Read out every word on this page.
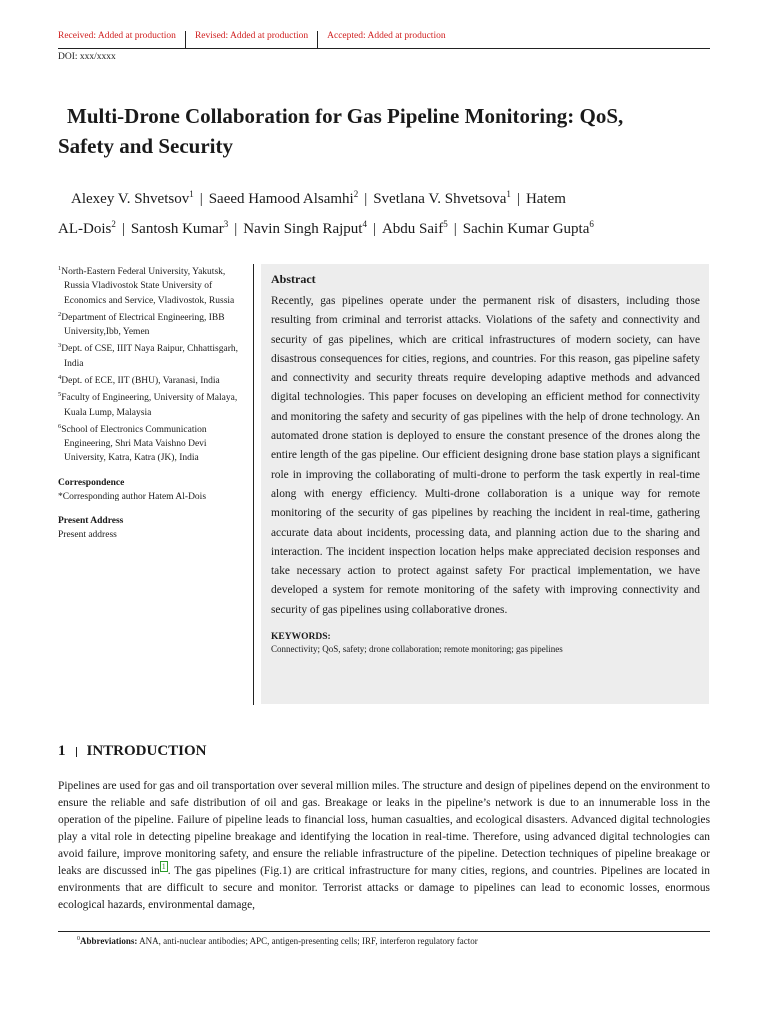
Received: Added at production	Revised: Added at production	Accepted: Added at production
DOI: xxx/xxxx
Multi-Drone Collaboration for Gas Pipeline Monitoring: QoS,
Safety and Security
Alexey V. Shvetsov$^1$ | Saeed Hamood Alsamhi$^2$ | Svetlana V. Shvetsova$^1$ | Hatem
AL-Dois$^2$ | Santosh Kumar$^3$ | Navin Singh Rajput$^4$ | Abdu Saif$^5$ | Sachin Kumar Gupta$^6$
$^1$North-Eastern Federal University, Yakutsk, Russia Vladivostok State University of Economics and Service, Vladivostok, Russia
$^2$Department of Electrical Engineering, IBB University,Ibb, Yemen
$^3$Dept. of CSE, IIIT Naya Raipur, Chhattisgarh, India
$^4$Dept. of ECE, IIT (BHU), Varanasi, India
$^5$Faculty of Engineering, University of Malaya, Kuala Lump, Malaysia
$^6$School of Electronics Communication Engineering, Shri Mata Vaishno Devi University, Katra, Katra (JK), India
Correspondence
*Corresponding author Hatem Al-Dois
Present Address
Present address
Abstract
Recently, gas pipelines operate under the permanent risk of disasters, including those resulting from criminal and terrorist attacks. Violations of the safety and connectivity and security of gas pipelines, which are critical infrastructures of modern society, can have disastrous consequences for cities, regions, and countries. For this reason, gas pipeline safety and connectivity and security threats require developing adaptive methods and advanced digital technologies. This paper focuses on developing an efficient method for connectivity and monitoring the safety and security of gas pipelines with the help of drone technology. An automated drone station is deployed to ensure the constant presence of the drones along the entire length of the gas pipeline. Our efficient designing drone base station plays a significant role in improving the collaborating of multi-drone to perform the task expertly in real-time along with energy efficiency. Multi-drone collaboration is a unique way for remote monitoring of the security of gas pipelines by reaching the incident in real-time, gathering accurate data about incidents, processing data, and planning action due to the sharing and interaction. The incident inspection location helps make appreciated decision responses and take necessary action to protect against safety For practical implementation, we have developed a system for remote monitoring of the safety with improving connectivity and security of gas pipelines using collaborative drones.
KEYWORDS:
Connectivity; QoS, safety; drone collaboration; remote monitoring; gas pipelines
1 INTRODUCTION

Pipelines are used for gas and oil transportation over several million miles. The structure and design of pipelines depend on the environment to ensure the reliable and safe distribution of oil and gas. Breakage or leaks in the pipeline’s network is due to an innumerable loss in the operation of the pipeline. Failure of pipeline leads to financial loss, human casualties, and ecological disasters. Advanced digital technologies play a vital role in detecting pipeline breakage and identifying the location in real-time. Therefore, using advanced digital technologies can avoid failure, improve monitoring safety, and ensure the reliable infrastructure of the pipeline. Detection techniques of pipeline breakage or leaks are discussed in $^1$ . The gas pipelines (Fig.1) are critical infrastructure for many cities, regions, and countries. Pipelines are located in environments that are difficult to secure and monitor. Terrorist attacks or damage to pipelines can lead to economic losses, enormous ecological hazards, environmental damage,

$^0$Abbreviations: ANA, anti-nuclear antibodies; APC, antigen-presenting cells; IRF, interferon regulatory factor
